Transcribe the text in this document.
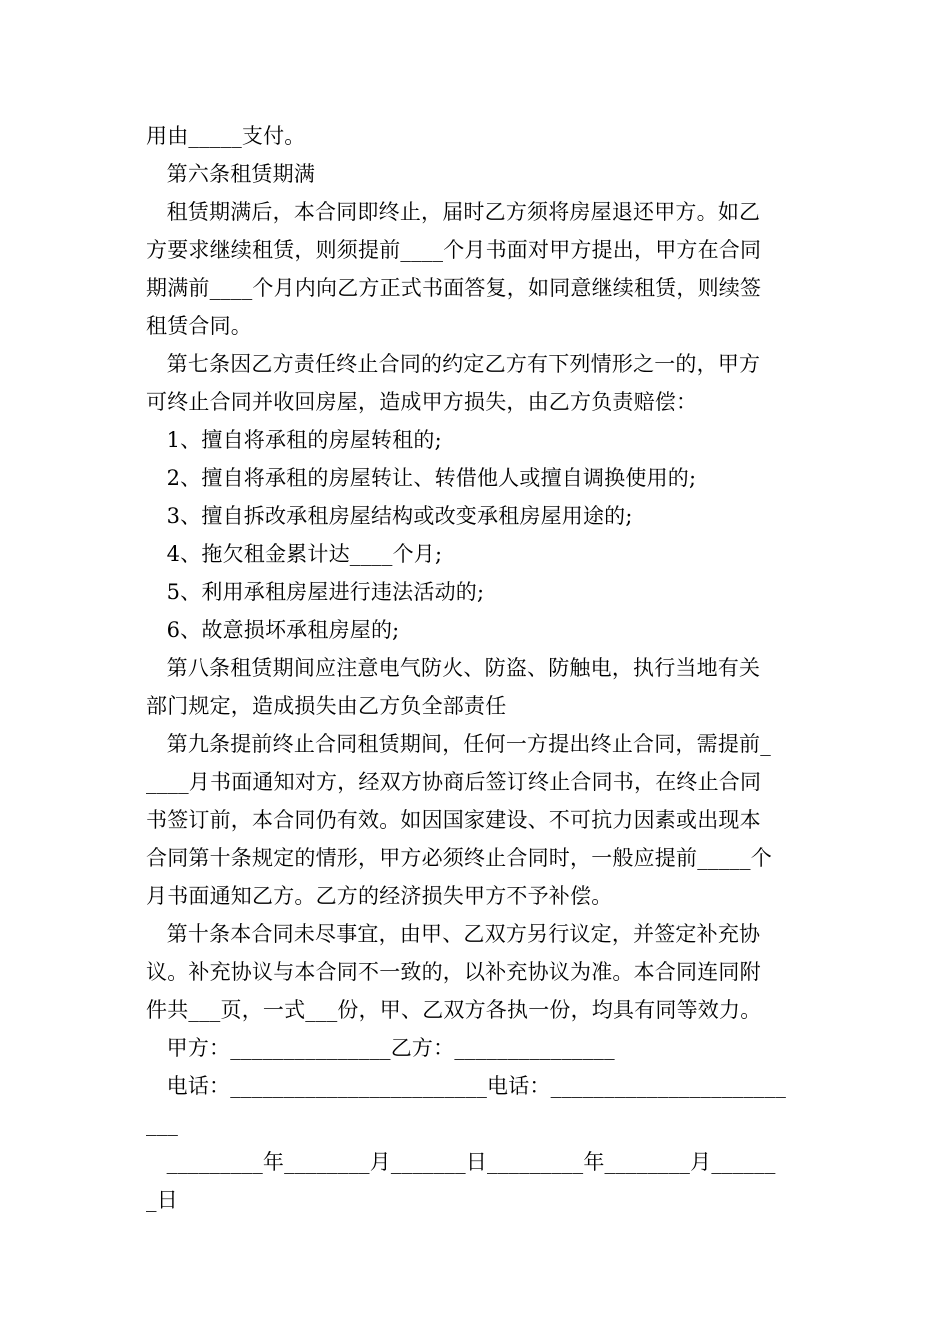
用由_____支付。

第六条租赁期满

租赁期满后，本合同即终止，届时乙方须将房屋退还甲方。如乙

方要求继续租赁，则须提前____个月书面对甲方提出，甲方在合同

期满前____个月内向乙方正式书面答复，如同意继续租赁，则续签

租赁合同。

第七条因乙方责任终止合同的约定乙方有下列情形之一的，甲方

可终止合同并收回房屋，造成甲方损失，由乙方负责赔偿：

1、擅自将承租的房屋转租的;

2、擅自将承租的房屋转让、转借他人或擅自调换使用的;

3、擅自拆改承租房屋结构或改变承租房屋用途的;

4、拖欠租金累计达____个月;

5、利用承租房屋进行违法活动的;

6、故意损坏承租房屋的;

第八条租赁期间应注意电气防火、防盗、防触电，执行当地有关

部门规定，造成损失由乙方负全部责任

第九条提前终止合同租赁期间，任何一方提出终止合同，需提前_

____月书面通知对方，经双方协商后签订终止合同书，在终止合同

书签订前，本合同仍有效。如因国家建设、不可抗力因素或出现本

合同第十条规定的情形，甲方必须终止合同时，一般应提前_____个

月书面通知乙方。乙方的经济损失甲方不予补偿。

第十条本合同未尽事宜，由甲、乙双方另行议定，并签定补充协

议。补充协议与本合同不一致的，以补充协议为准。本合同连同附

件共___页，一式___份，甲、乙双方各执一份，均具有同等效力。

甲方：_______________乙方：_______________

电话：________________________电话：______________________

___

_________年________月_______日_________年________月______

_日
